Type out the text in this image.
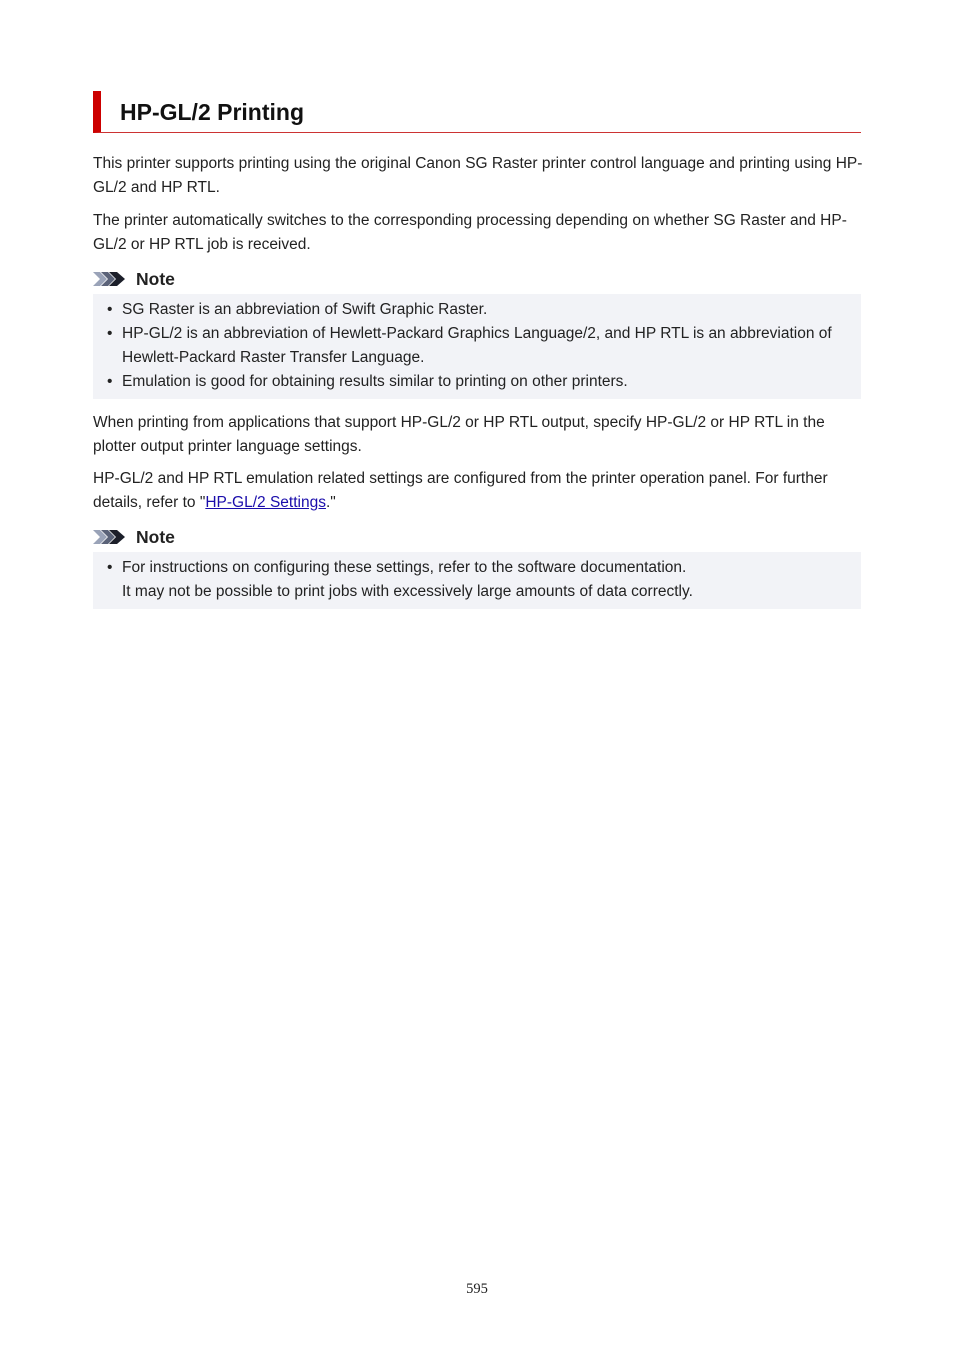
HP-GL/2 Printing

This printer supports printing using the original Canon SG Raster printer control language and printing using HP-GL/2 and HP RTL.

The printer automatically switches to the corresponding processing depending on whether SG Raster and HP-GL/2 or HP RTL job is received.

Note
• SG Raster is an abbreviation of Swift Graphic Raster.
• HP-GL/2 is an abbreviation of Hewlett-Packard Graphics Language/2, and HP RTL is an abbreviation of Hewlett-Packard Raster Transfer Language.
• Emulation is good for obtaining results similar to printing on other printers.

When printing from applications that support HP-GL/2 or HP RTL output, specify HP-GL/2 or HP RTL in the plotter output printer language settings.

HP-GL/2 and HP RTL emulation related settings are configured from the printer operation panel. For further details, refer to "HP-GL/2 Settings."

Note
• For instructions on configuring these settings, refer to the software documentation.
It may not be possible to print jobs with excessively large amounts of data correctly.
595
